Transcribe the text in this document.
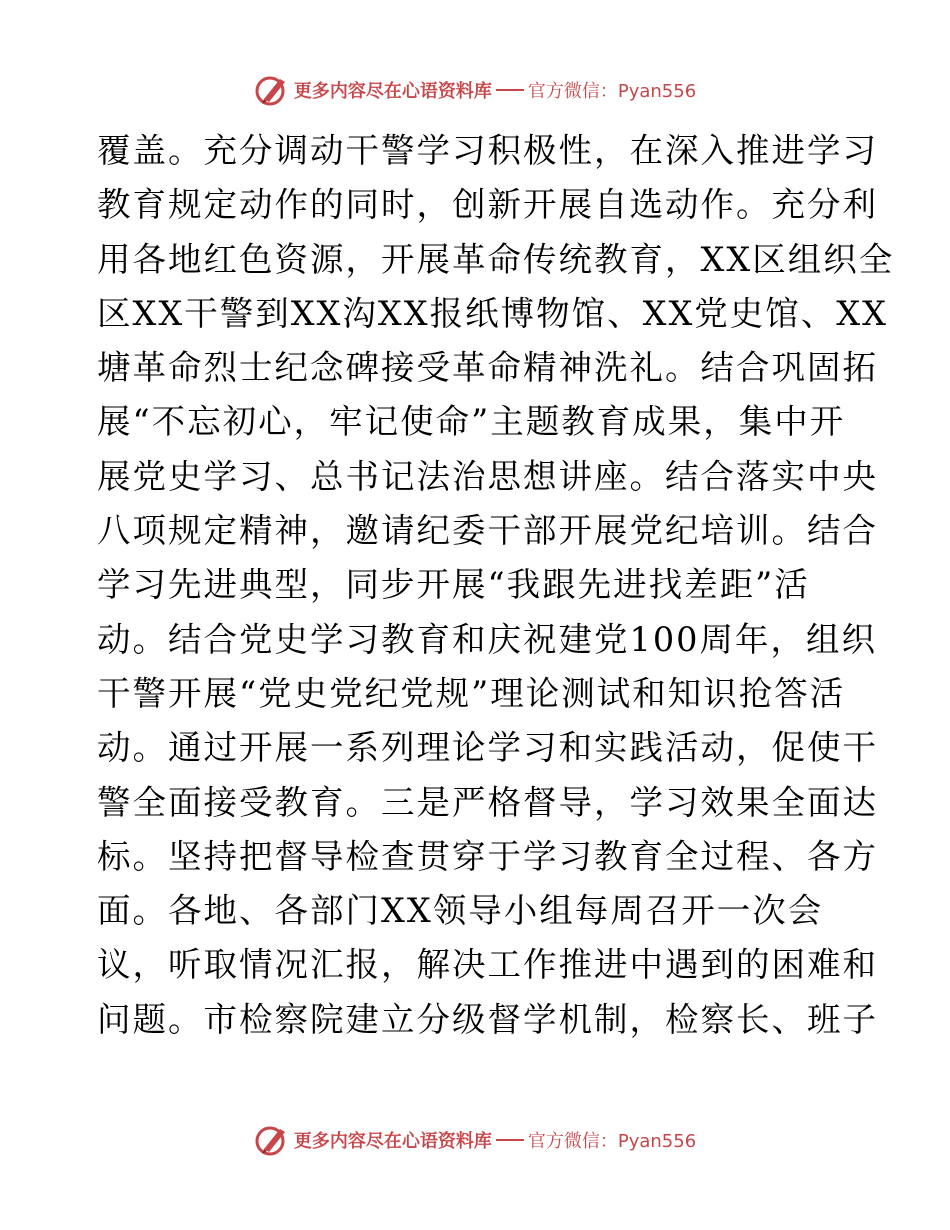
更多内容尽在心语资料库 官方微信：Pyan556
覆盖。充分调动干警学习积极性，在深入推进学习
教育规定动作的同时，创新开展自选动作。充分利
用各地红色资源，开展革命传统教育，XX区组织全
区XX干警到XX沟XX报纸博物馆、XX党史馆、XX
塘革命烈士纪念碑接受革命精神洗礼。结合巩固拓
展“不忘初心，牢记使命”主题教育成果，集中开
展党史学习、总书记法治思想讲座。结合落实中央
八项规定精神，邀请纪委干部开展党纪培训。结合
学习先进典型，同步开展“我跟先进找差距”活
动。结合党史学习教育和庆祝建党100周年，组织
干警开展“党史党纪党规”理论测试和知识抢答活
动。通过开展一系列理论学习和实践活动，促使干
警全面接受教育。三是严格督导，学习效果全面达
标。坚持把督导检查贯穿于学习教育全过程、各方
面。各地、各部门XX领导小组每周召开一次会
议，听取情况汇报，解决工作推进中遇到的困难和
问题。市检察院建立分级督学机制，检察长、班子
更多内容尽在心语资料库 官方微信：Pyan556
